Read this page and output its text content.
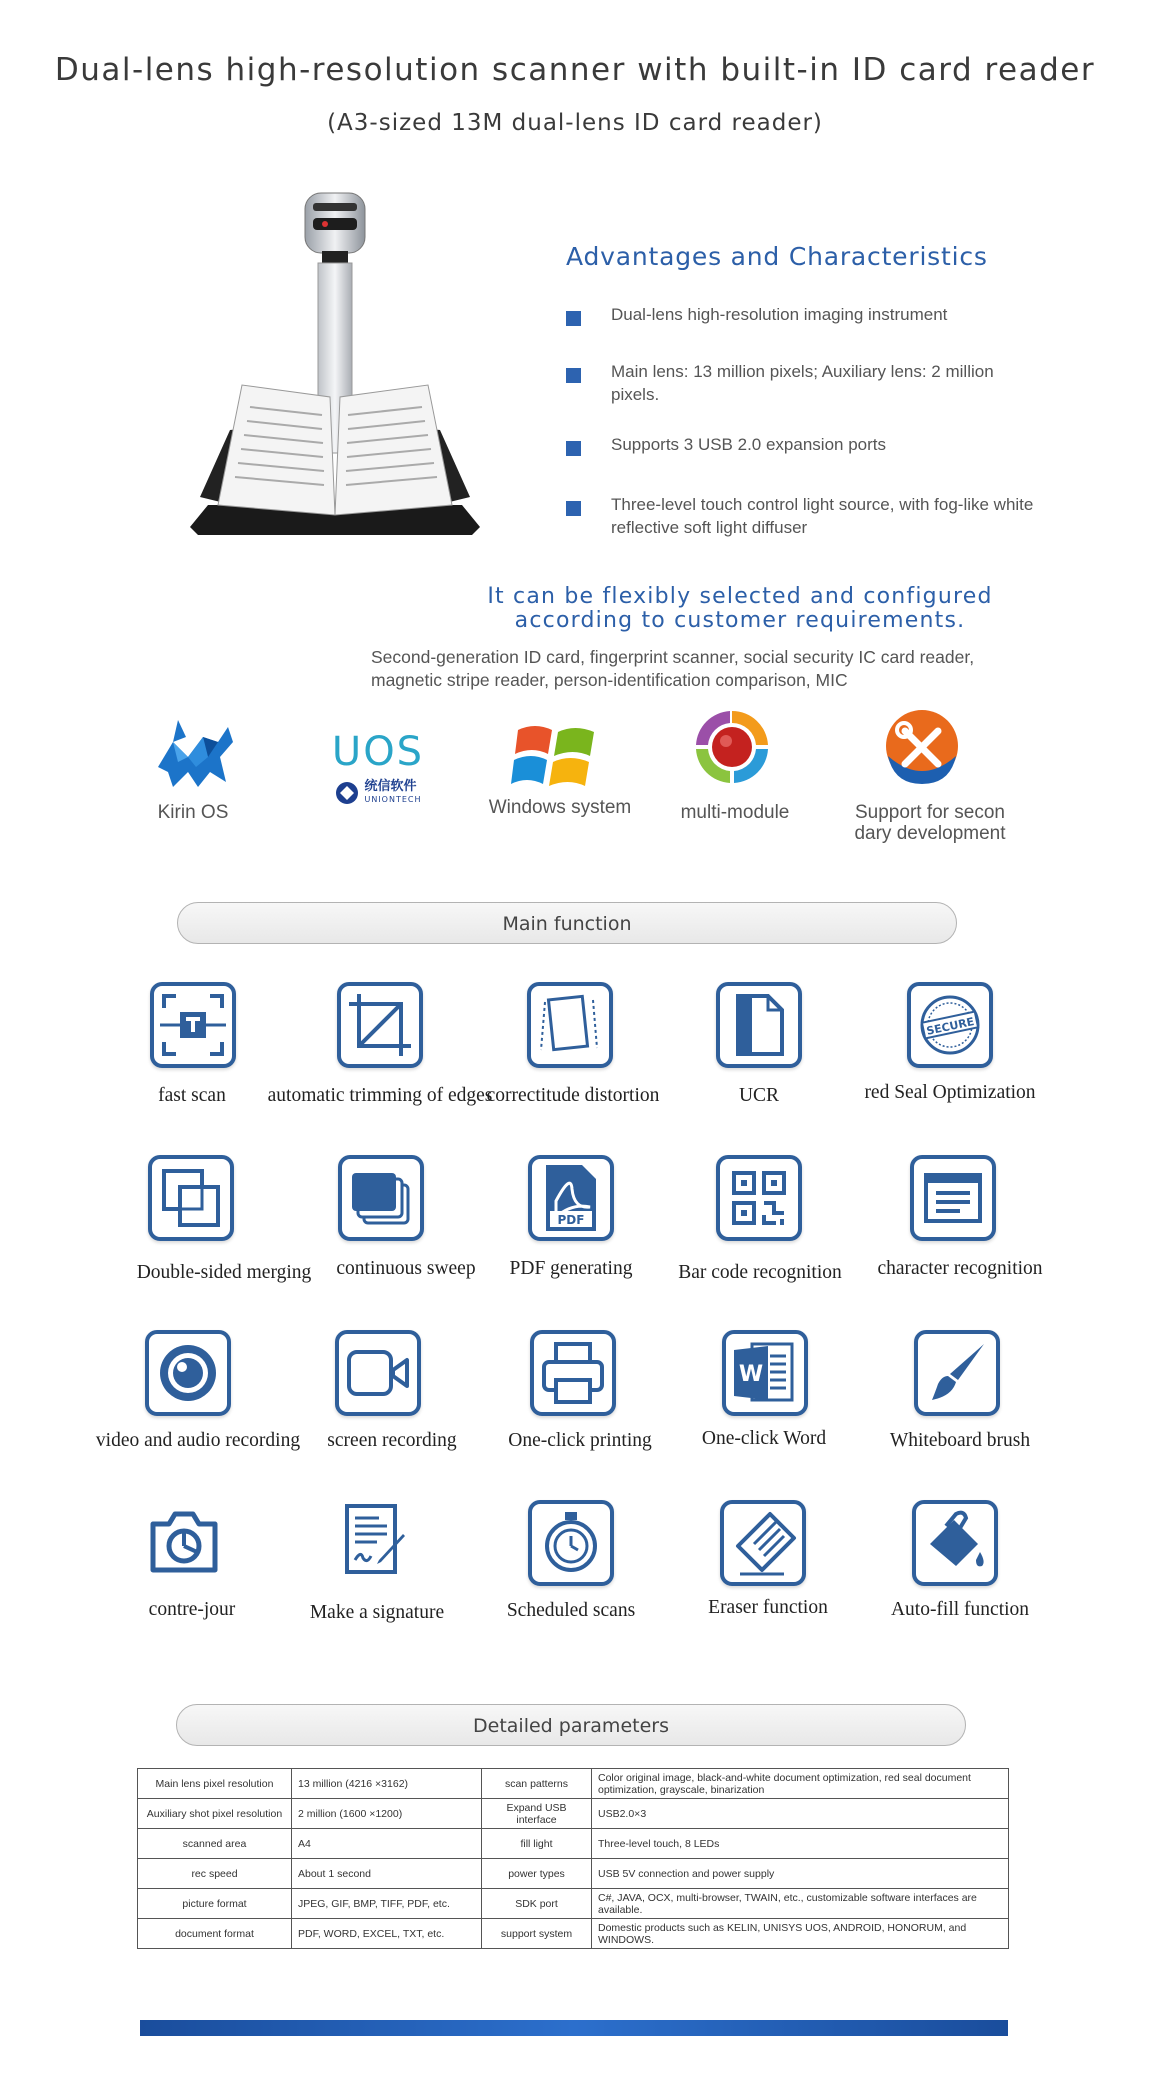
Dual-lens high-resolution scanner with built-in ID card reader
(A3-sized 13M dual-lens ID card reader)
Advantages and Characteristics
Dual-lens high-resolution imaging instrument
Main lens: 13 million pixels; Auxiliary lens: 2 million pixels.
Supports 3 USB 2.0 expansion ports
Three-level touch control light source, with fog-like white reflective soft light diffuser
It can be flexibly selected and configured
according to customer requirements.
Second-generation ID card, fingerprint scanner, social security IC card reader, magnetic stripe reader, person-identification comparison, MIC
Kirin OS
UOS
统信软件
UNIONTECH	Windows system	multi-module	Support for secon dary development
Main function
fast scan	automatic trimming of edges
correctitude distortion	UCR
SECURE
red Seal Optimization
Double-sided merging	continuous sweep
PDF
PDF generating	Bar code recognition	character recognition
video and audio recording	screen recording	One-click printing
W
One-click Word	Whiteboard brush
contre-jour	Make a signature	Scheduled scans	Eraser function	Auto-fill function
Detailed parameters
Main lens pixel resolution	13 million (4216 ×3162)	scan patterns	Color original image, black-and-white document optimization, red seal document optimization, grayscale, binarization
Auxiliary shot pixel resolution	2 million (1600 ×1200)	Expand USB interface	USB2.0×3
scanned area	A4	fill light	Three-level touch, 8 LEDs
rec speed	About 1 second	power types	USB 5V connection and power supply
picture format	JPEG, GIF, BMP, TIFF, PDF, etc.	SDK port	C#, JAVA, OCX, multi-browser, TWAIN, etc., customizable software interfaces are available.
document format	PDF, WORD, EXCEL, TXT, etc.	support system	Domestic products such as KELIN, UNISYS UOS, ANDROID, HONORUM, and WINDOWS.
